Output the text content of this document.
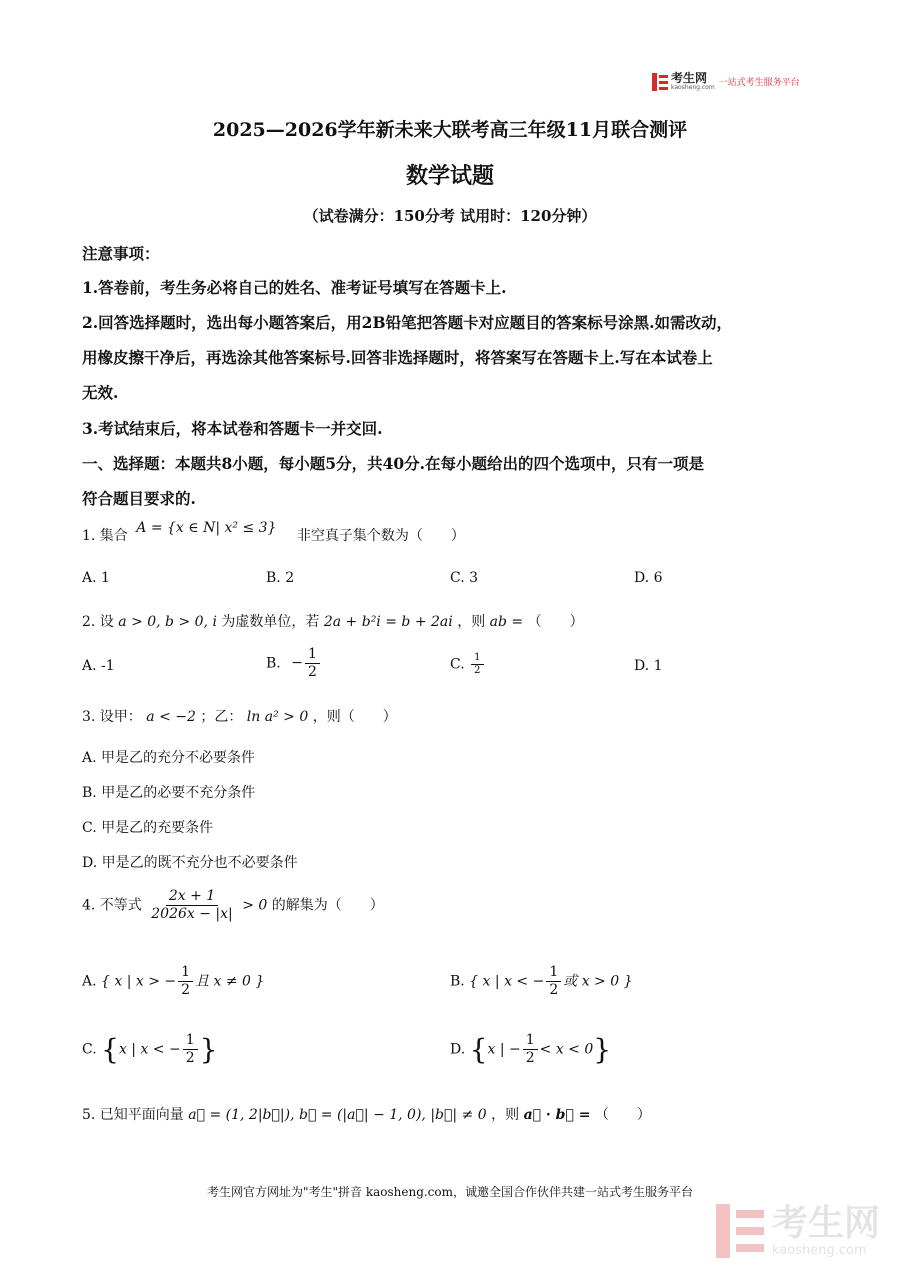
考生网
kaosheng.com 一站式考生服务平台
2025—2026学年新未来大联考高三年级11月联合测评
数学试题
（试卷满分：150分考 试用时：120分钟）
注意事项：
1.答卷前，考生务必将自己的姓名、准考证号填写在答题卡上.
2.回答选择题时，选出每小题答案后，用2B铅笔把答题卡对应题目的答案标号涂黑.如需改动，
用橡皮擦干净后，再选涂其他答案标号.回答非选择题时，将答案写在答题卡上.写在本试卷上
无效.
3.考试结束后，将本试卷和答题卡一并交回.
一、选择题：本题共8小题，每小题5分，共40分.在每小题给出的四个选项中，只有一项是
符合题目要求的.
1. 集合 A = {x ∈ N| x² ≤ 3} 非空真子集个数为（　　）
A. 1	B. 2	C. 3	D. 6
2. 设 a > 0, b > 0, i 为虚数单位，若 2a + b²i = b + 2ai ，则 ab = （　　）
A. -1	B. − $\frac{1}{2}$	C. $\frac{1}{2}$	D. 1
3. 设甲： a < −2 ；乙： ln a² > 0 ，则（　　）
A. 甲是乙的充分不必要条件
B. 甲是乙的必要不充分条件
C. 甲是乙的充要条件
D. 甲是乙的既不充分也不必要条件
4. 不等式 $\frac{2x + 1}{2026x - |x|} > 0$ 的解集为（　　）
A. { x | x > − $\frac{1}{2}$ 且 x ≠ 0 }	B. { x | x < − $\frac{1}{2}$ 或 x > 0 }
C. {x | x < − $\frac{1}{2}$ }	D. {x | − $\frac{1}{2} < x < 0$}
5. 已知平面向量 a⃗ = (1, 2|b⃗|), b⃗ = (|a⃗| − 1, 0), |b⃗| ≠ 0 ，则 a⃗ · b⃗ = （　　）
考生网官方网址为"考生"拼音 kaosheng.com，诚邀全国合作伙伴共建一站式考生服务平台
考生网
kaosheng.com
